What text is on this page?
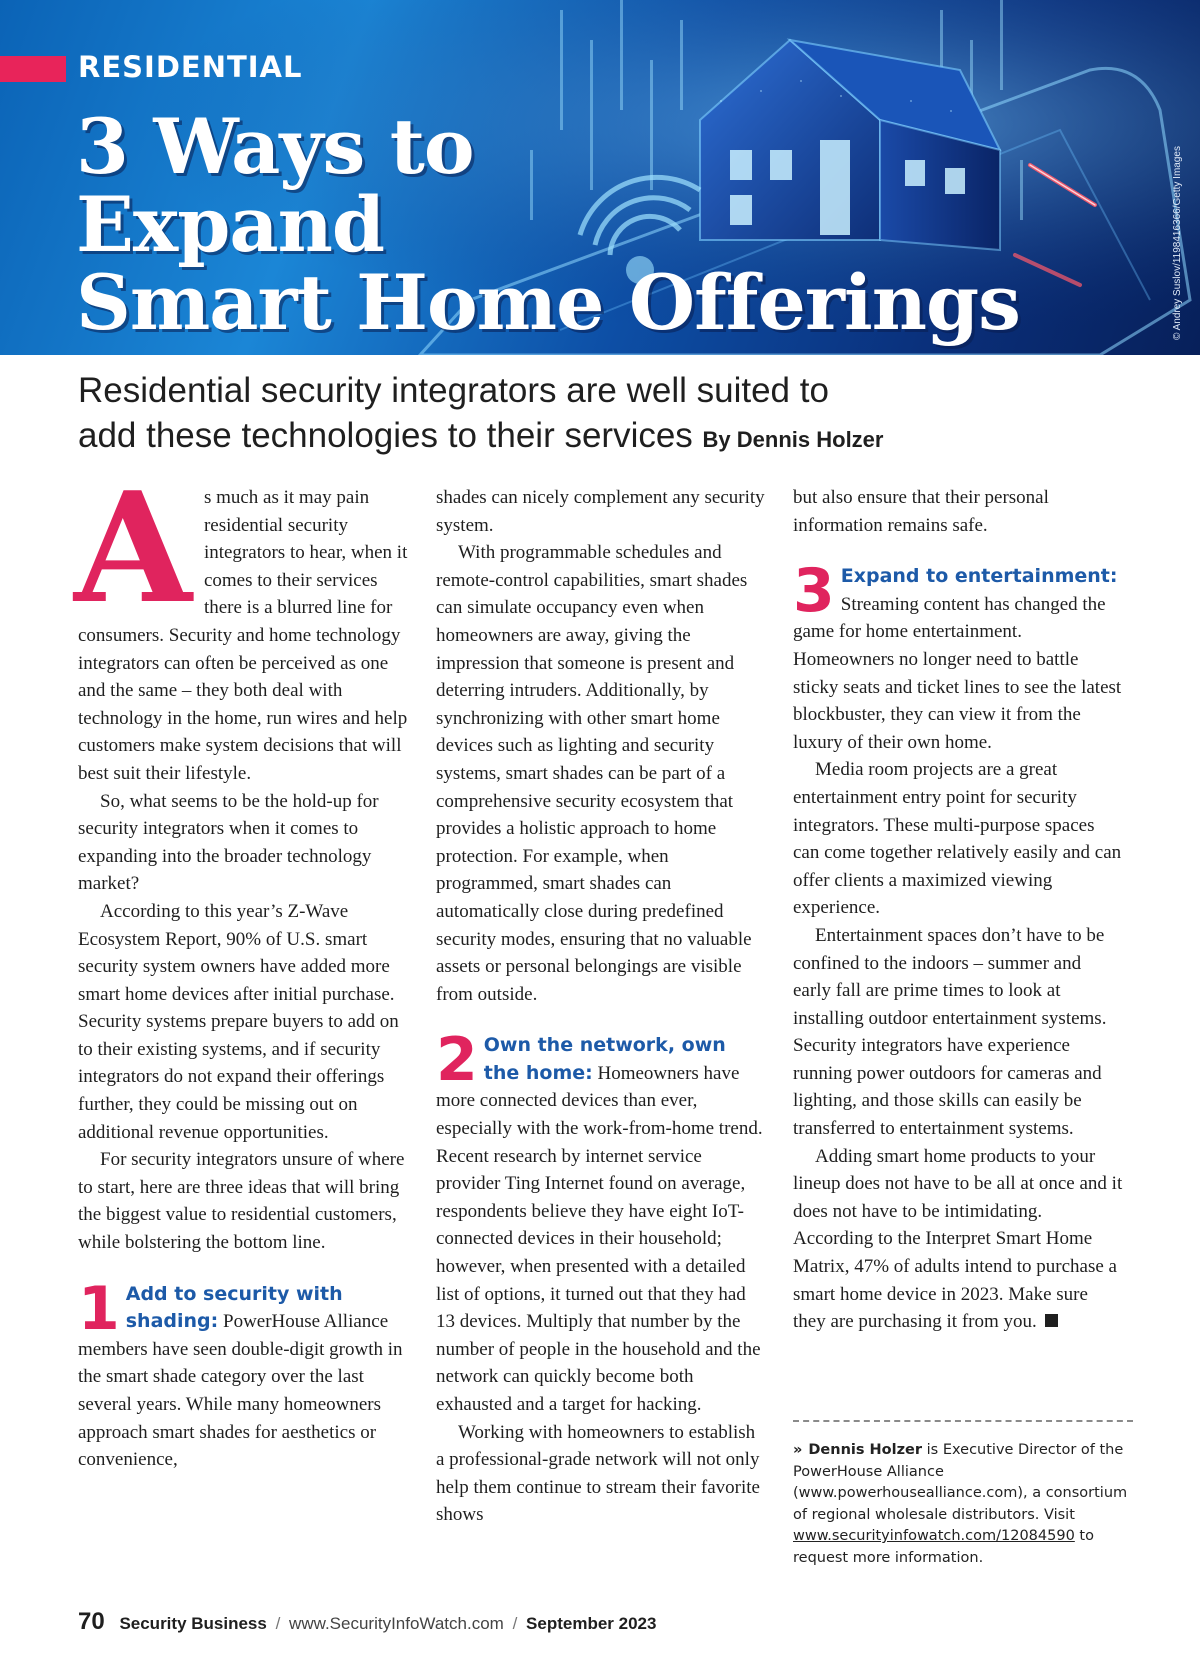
RESIDENTIAL
3 Ways to
Expand
Smart Home Offerings	© Andrey Suslov/1198416366/Getty Images
Residential security integrators are well suited to
add these technologies to their services By Dennis Holzer

A s much as it may pain residential security integrators to hear, when it comes to their services there is a blurred line for consumers. Security and home technology integrators can often be perceived as one and the same – they both deal with technology in the home, run wires and help customers make system decisions that will best suit their lifestyle.

So, what seems to be the hold-up for security integrators when it comes to expanding into the broader technology market?

According to this year’s Z-Wave Ecosystem Report, 90% of U.S. smart security system owners have added more smart home devices after initial purchase. Security systems prepare buyers to add on to their existing systems, and if security integrators do not expand their offerings further, they could be missing out on additional revenue opportunities.

For security integrators unsure of where to start, here are three ideas that will bring the biggest value to residential customers, while bolstering the bottom line.

1 Add to security with shading: PowerHouse Alliance members have seen double-digit growth in the smart shade category over the last several years. While many homeowners approach smart shades for aesthetics or convenience,

shades can nicely complement any security system.

With programmable schedules and remote-control capabilities, smart shades can simulate occupancy even when homeowners are away, giving the impression that someone is present and deterring intruders. Additionally, by synchronizing with other smart home devices such as lighting and security systems, smart shades can be part of a comprehensive security ecosystem that provides a holistic approach to home protection. For example, when programmed, smart shades can automatically close during predefined security modes, ensuring that no valuable assets or personal belongings are visible from outside.

2 Own the network, own the home: Homeowners have more connected devices than ever, especially with the work-from-home trend. Recent research by internet service provider Ting Internet found on average, respondents believe they have eight IoT-connected devices in their household; however, when presented with a detailed list of options, it turned out that they had 13 devices. Multiply that number by the number of people in the household and the network can quickly become both exhausted and a target for hacking.

Working with homeowners to establish a professional-grade network will not only help them continue to stream their favorite shows

but also ensure that their personal information remains safe.

3 Expand to entertainment: Streaming content has changed the game for home entertainment. Homeowners no longer need to battle sticky seats and ticket lines to see the latest blockbuster, they can view it from the luxury of their own home.

Media room projects are a great entertainment entry point for security integrators. These multi-purpose spaces can come together relatively easily and can offer clients a maximized viewing experience.

Entertainment spaces don’t have to be confined to the indoors – summer and early fall are prime times to look at installing outdoor entertainment systems. Security integrators have experience running power outdoors for cameras and lighting, and those skills can easily be transferred to entertainment systems.

Adding smart home products to your lineup does not have to be all at once and it does not have to be intimidating. According to the Interpret Smart Home Matrix, 47% of adults intend to purchase a smart home device in 2023. Make sure they are purchasing it from you.

» Dennis Holzer is Executive Director of the PowerHouse Alliance (www.powerhousealliance.com), a consortium of regional wholesale distributors. Visit www.securityinfowatch.com/12084590 to request more information.
70 Security Business / www.SecurityInfoWatch.com / September 2023
